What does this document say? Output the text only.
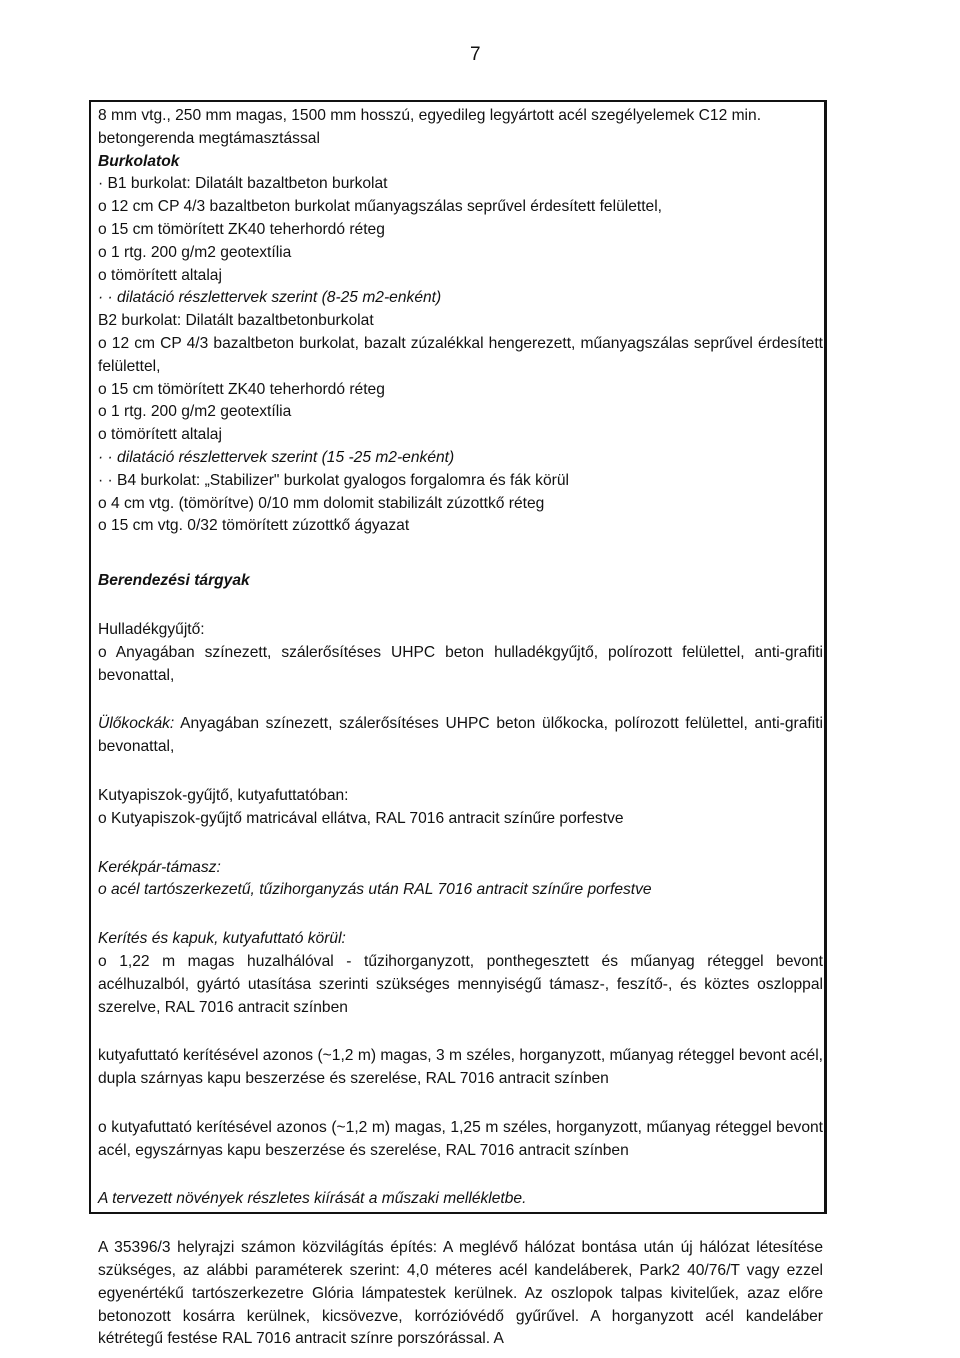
7

8 mm vtg., 250 mm magas, 1500 mm hosszú, egyedileg legyártott acél szegélyelemek C12 min.

betongerenda megtámasztással

Burkolatok

· B1 burkolat: Dilatált bazaltbeton burkolat

o 12 cm CP 4/3 bazaltbeton burkolat műanyagszálas seprűvel érdesített felülettel,

o 15 cm tömörített ZK40 teherhordó réteg

o 1 rtg. 200 g/m2 geotextília

o tömörített altalaj

· · dilatáció részlettervek szerint (8-25 m2-enként)

B2 burkolat: Dilatált bazaltbetonburkolat

o 12 cm CP 4/3 bazaltbeton burkolat, bazalt zúzalékkal hengerezett, műanyagszálas seprűvel érdesített felülettel,

o 15 cm tömörített ZK40 teherhordó réteg

o 1 rtg. 200 g/m2 geotextília

o tömörített altalaj

· · dilatáció részlettervek szerint (15 -25 m2-enként)

· · B4 burkolat: „Stabilizer" burkolat gyalogos forgalomra és fák körül

o 4 cm vtg. (tömörítve) 0/10 mm dolomit stabilizált zúzottkő réteg

o 15 cm vtg. 0/32 tömörített zúzottkő ágyazat

Berendezési tárgyak

Hulladékgyűjtő:

o Anyagában színezett, szálerősítéses UHPC beton hulladékgyűjtő, polírozott felülettel, anti-grafiti bevonattal,

Ülőkockák: Anyagában színezett, szálerősítéses UHPC beton ülőkocka, polírozott felülettel, anti-grafiti bevonattal,

Kutyapiszok-gyűjtő, kutyafuttatóban:

o Kutyapiszok-gyűjtő matricával ellátva, RAL 7016 antracit színűre porfestve

Kerékpár-támasz:

o acél tartószerkezetű, tűzihorganyzás után RAL 7016 antracit színűre porfestve

Kerítés és kapuk, kutyafuttató körül:

o 1,22 m magas huzalhálóval - tűzihorganyzott, ponthegesztett és műanyag réteggel bevont acélhuzalból, gyártó utasítása szerinti szükséges mennyiségű támasz-, feszítő-, és köztes oszloppal szerelve, RAL 7016 antracit színben

kutyafuttató kerítésével azonos (~1,2 m) magas, 3 m széles, horganyzott, műanyag réteggel bevont acél, dupla szárnyas kapu beszerzése és szerelése, RAL 7016 antracit színben

o kutyafuttató kerítésével azonos (~1,2 m) magas, 1,25 m széles, horganyzott, műanyag réteggel bevont acél, egyszárnyas kapu beszerzése és szerelése, RAL 7016 antracit színben

A tervezett növények részletes kiírását a műszaki mellékletbe.

A 35396/3 helyrajzi számon közvilágítás építés: A meglévő hálózat bontása után új hálózat létesítése szükséges, az alábbi paraméterek szerint: 4,0 méteres acél kandeláberek, Park2 40/76/T vagy ezzel egyenértékű tartószerkezetre Glória lámpatestek kerülnek. Az oszlopok talpas kivitelűek, azaz előre betonozott kosárra kerülnek, kicsövezve, korrózióvédő gyűrűvel. A horganyzott acél kandeláber kétrétegű festése RAL 7016 antracit színre porszórással. A
